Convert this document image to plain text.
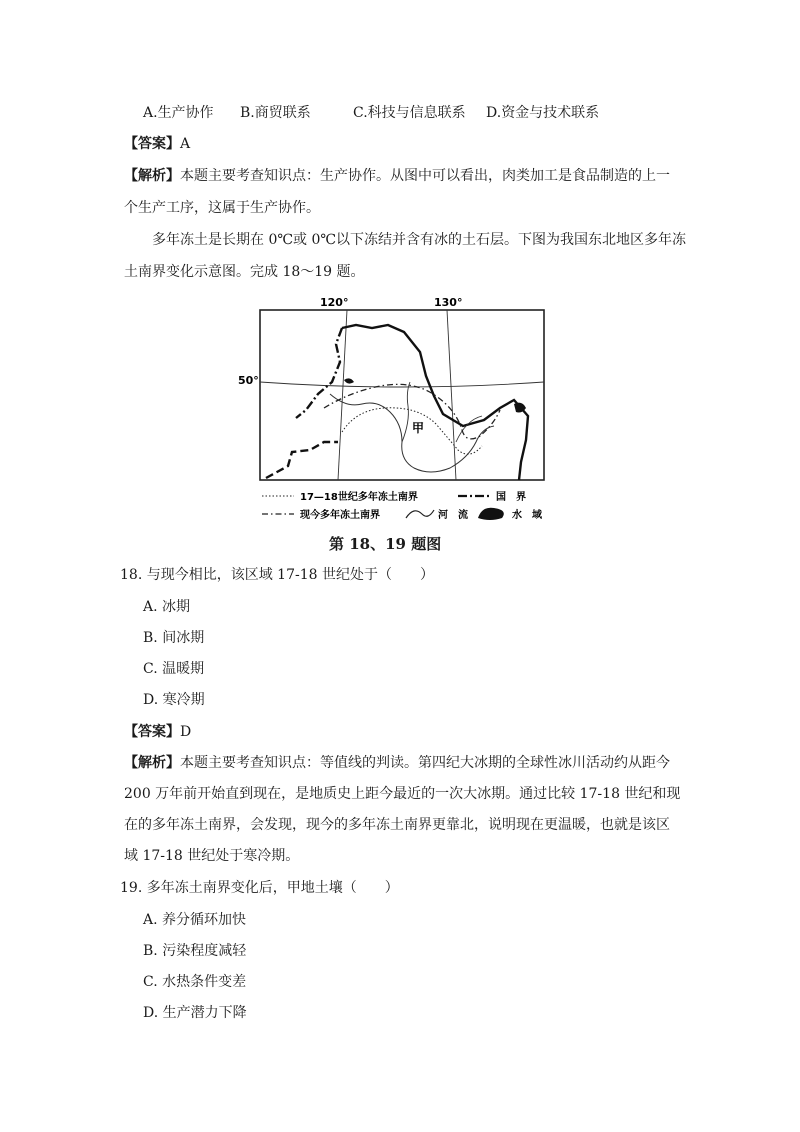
A.生产协作 B.商贸联系	C.科技与信息联系 D.资金与技术联系
【答案】A
【解析】本题主要考查知识点：生产协作。从图中可以看出，肉类加工是食品制造的上一
个生产工序，这属于生产协作。
多年冻土是长期在 0℃或 0℃以下冻结并含有冰的土石层。下图为我国东北地区多年冻
土南界变化示意图。完成 18～19 题。
120°	130°
50°
甲
17—18世纪多年冻土南界
现今多年冻土南界
国　界
河　流	水　域
第 18、19 题图
18. 与现今相比，该区域 17-18 世纪处于（　　）
A. 冰期
B. 间冰期
C. 温暖期
D. 寒冷期
【答案】D
【解析】本题主要考查知识点：等值线的判读。第四纪大冰期的全球性冰川活动约从距今
200 万年前开始直到现在，是地质史上距今最近的一次大冰期。通过比较 17-18 世纪和现
在的多年冻土南界，会发现，现今的多年冻土南界更靠北，说明现在更温暖，也就是该区
域 17-18 世纪处于寒冷期。
19. 多年冻土南界变化后，甲地土壤（　　）
A. 养分循环加快
B. 污染程度减轻
C. 水热条件变差
D. 生产潜力下降
